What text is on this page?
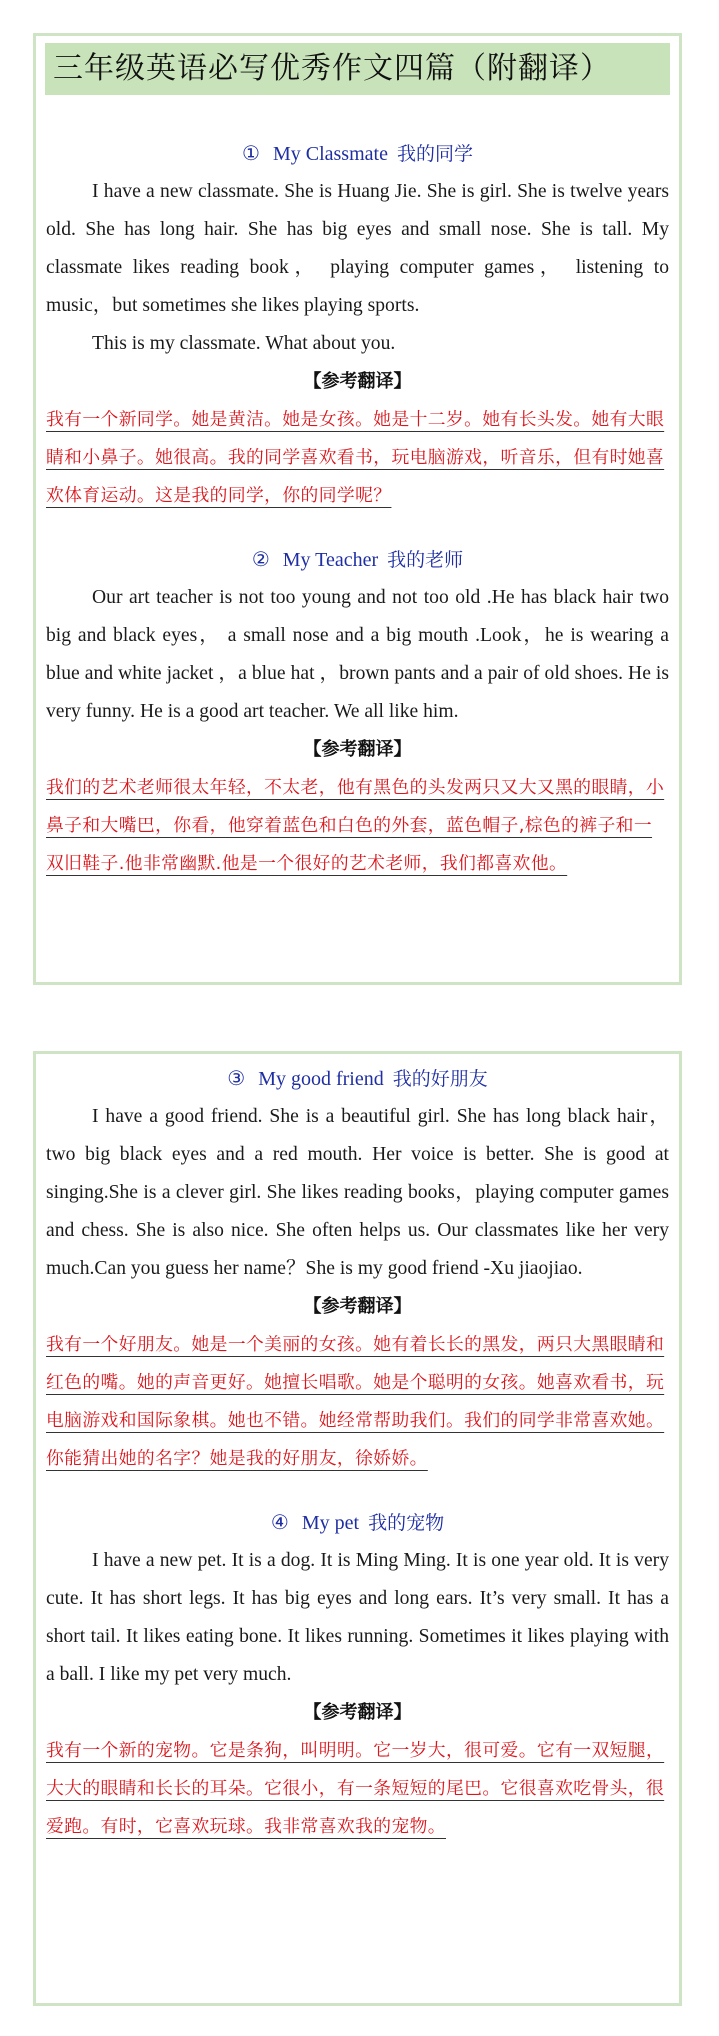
三年级英语必写优秀作文四篇（附翻译）
① My Classmate 我的同学

I have a new classmate. She is Huang Jie. She is girl. She is twelve years old. She has long hair. She has big eyes and small nose. She is tall. My classmate likes reading book， playing computer games， listening to music，but sometimes she likes playing sports.
This is my classmate. What about you.

【参考翻译】

我有一个新同学。她是黄洁。她是女孩。她是十二岁。她有长头发。她有大眼睛和小鼻子。她很高。我的同学喜欢看书，玩电脑游戏，听音乐，但有时她喜欢体育运动。这是我的同学，你的同学呢？

② My Teacher 我的老师

Our art teacher is not too young and not too old .He has black hair two big and black eyes， a small nose and a big mouth .Look，he is wearing a blue and white jacket ，a blue hat ，brown pants and a pair of old shoes. He is very funny. He is a good art teacher. We all like him.

【参考翻译】

我们的艺术老师很太年轻，不太老，他有黑色的头发两只又大又黑的眼睛，小鼻子和大嘴巴，你看，他穿着蓝色和白色的外套，蓝色帽子,棕色的裤子和一双旧鞋子.他非常幽默.他是一个很好的艺术老师，我们都喜欢他。

③ My good friend 我的好朋友

I have a good friend. She is a beautiful girl. She has long black hair， two big black eyes and a red mouth. Her voice is better. She is good at singing.She is a clever girl. She likes reading books，playing computer games and chess. She is also nice. She often helps us. Our classmates like her very much.Can you guess her name？She is my good friend -Xu jiaojiao.

【参考翻译】

我有一个好朋友。她是一个美丽的女孩。她有着长长的黑发，两只大黑眼睛和红色的嘴。她的声音更好。她擅长唱歌。她是个聪明的女孩。她喜欢看书，玩电脑游戏和国际象棋。她也不错。她经常帮助我们。我们的同学非常喜欢她。你能猜出她的名字？她是我的好朋友，徐娇娇。

④ My pet 我的宠物

I have a new pet. It is a dog. It is Ming Ming. It is one year old. It is very cute. It has short legs. It has big eyes and long ears. It’s very small. It has a short tail. It likes eating bone. It likes running. Sometimes it likes playing with a ball. I like my pet very much.

【参考翻译】

我有一个新的宠物。它是条狗，叫明明。它一岁大，很可爱。它有一双短腿，大大的眼睛和长长的耳朵。它很小，有一条短短的尾巴。它很喜欢吃骨头，很爱跑。有时，它喜欢玩球。我非常喜欢我的宠物。
